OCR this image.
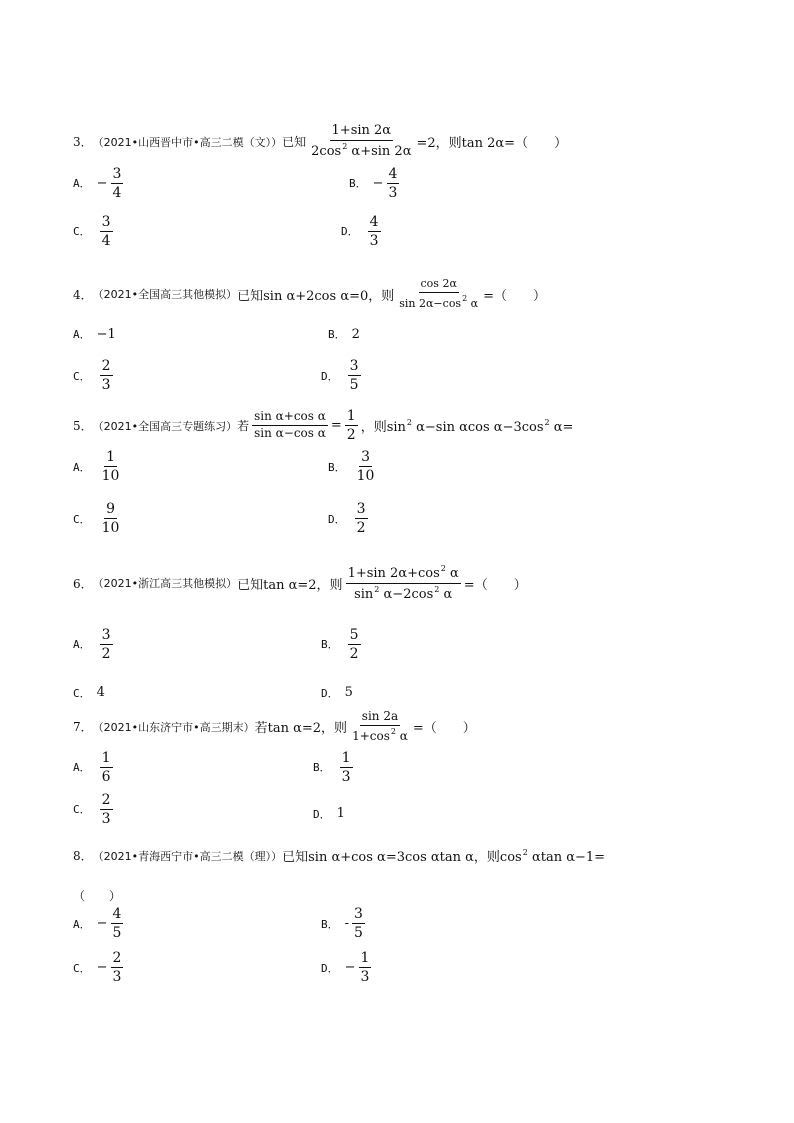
3． （2021•山西晋中市•高三二模（文）） 已知 $\frac{1+\sin 2\alpha}{2\cos^2 \alpha+\sin 2\alpha} =2$，则tan 2α=（　　）
A． − $\frac{3}{4}$	B． − $\frac{4}{3}$
C． $\frac{3}{4}$	D． $\frac{4}{3}$
4． （2021•全国高三其他模拟） 已知sin α+2cos α=0，则 $\frac{\cos 2\alpha}{\sin 2\alpha-\cos^2 \alpha}$ =（　　）
A． −1	B． 2
C． $\frac{2}{3}$	D． $\frac{3}{5}$
5． （2021•全国高三专题练习） 若 $\frac{\text{sin α+cos α}}{\text{sin α−cos α}} = \frac{1}{2}$ ，则$\sin^2 \alpha-\sin$ αcos $\alpha-3\cos^2$ α=
A． $\frac{1}{10}$	B． $\frac{3}{10}$
C． $\frac{9}{10}$	D． $\frac{3}{2}$
6． （2021•浙江高三其他模拟） 已知tan α=2，则 $\frac{1+\sin 2\alpha+\cos^2 \alpha}{\sin^2 \alpha-2\cos^2 \alpha}$ =（　　）
A． $\frac{3}{2}$	B． $\frac{5}{2}$
C． 4	D． 5
7． （2021•山东济宁市•高三期末） 若tan α=2，则 $\frac{\sin 2a}{1+\cos^2 \alpha}$ =（　　）
A． $\frac{1}{6}$	B． $\frac{1}{3}$
C． $\frac{2}{3}$	D． 1
8． （2021•青海西宁市•高三二模（理）） 已知sin α+cos α=3cos αtan α，则$\cos^2 \alpha\tan$ α−1=
（　　）
A． − $\frac{4}{5}$	B． - $\frac{3}{5}$
C． − $\frac{2}{3}$	D． − $\frac{1}{3}$
